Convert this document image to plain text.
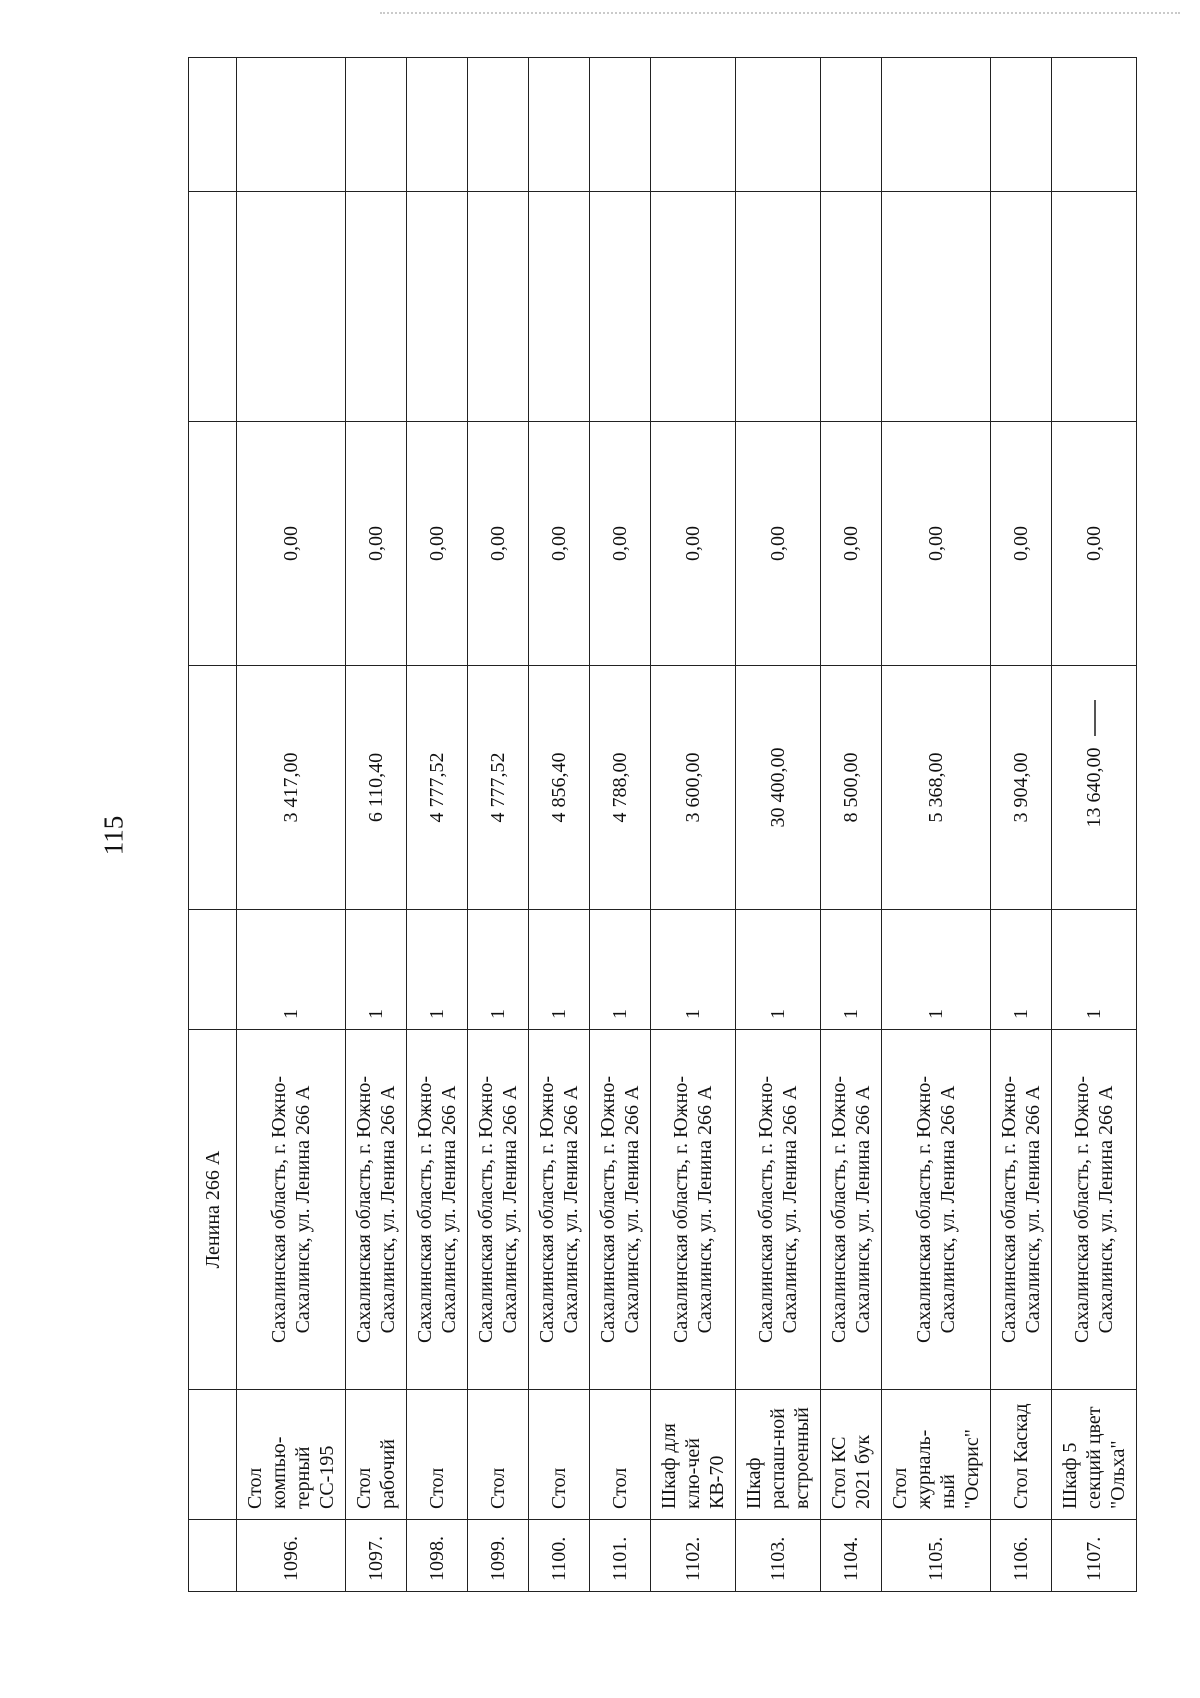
115
		Ленина 266 А					
1096.	Стол компью-терный СС-195	Сахалинская область, г. Южно-Сахалинск, ул. Ленина 266 А	1	3 417,00	0,00		
1097.	Стол рабочий	Сахалинская область, г. Южно-Сахалинск, ул. Ленина 266 А	1	6 110,40	0,00		
1098.	Стол	Сахалинская область, г. Южно-Сахалинск, ул. Ленина 266 А	1	4 777,52	0,00		
1099.	Стол	Сахалинская область, г. Южно-Сахалинск, ул. Ленина 266 А	1	4 777,52	0,00		
1100.	Стол	Сахалинская область, г. Южно-Сахалинск, ул. Ленина 266 А	1	4 856,40	0,00		
1101.	Стол	Сахалинская область, г. Южно-Сахалинск, ул. Ленина 266 А	1	4 788,00	0,00		
1102.	Шкаф для клю-чей КВ-70	Сахалинская область, г. Южно-Сахалинск, ул. Ленина 266 А	1	3 600,00	0,00		
1103.	Шкаф распаш-ной встроенный	Сахалинская область, г. Южно-Сахалинск, ул. Ленина 266 А	1	30 400,00	0,00		
1104.	Стол КС 2021 бук	Сахалинская область, г. Южно-Сахалинск, ул. Ленина 266 А	1	8 500,00	0,00		
1105.	Стол журналь-ный "Осирис"	Сахалинская область, г. Южно-Сахалинск, ул. Ленина 266 А	1	5 368,00	0,00		
1106.	Стол Каскад	Сахалинская область, г. Южно-Сахалинск, ул. Ленина 266 А	1	3 904,00	0,00		
1107.	Шкаф 5 секций цвет "Ольха"	Сахалинская область, г. Южно-Сахалинск, ул. Ленина 266 А	1	13 640,00	0,00		
